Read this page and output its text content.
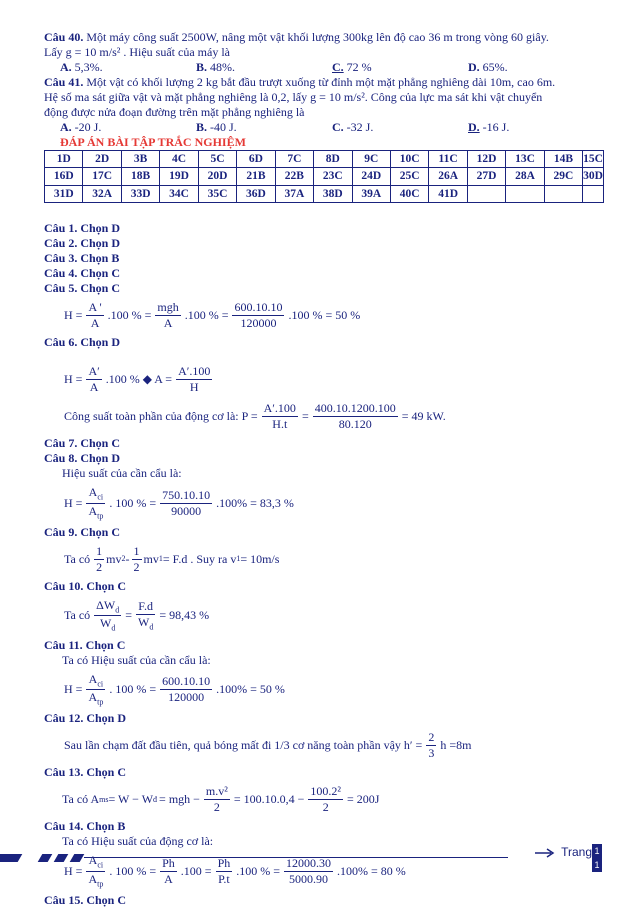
Câu 40. Một máy công suất 2500W, nâng một vật khối lượng 300kg lên độ cao 36 m trong vòng 60 giây.

Lấy g = 10 m/s² . Hiệu suất của máy là

A. 5,3%.	B. 48%.	C. 72 %	D. 65%.

Câu 41. Một vật có khối lượng 2 kg bắt đầu trượt xuống từ đỉnh một mặt phẳng nghiêng dài 10m, cao 6m.

Hệ số ma sát giữa vật và mặt phẳng nghiêng là 0,2, lấy g = 10 m/s². Công của lực ma sát khi vật chuyển

động được nửa đoạn đường trên mặt phẳng nghiêng là

A. -20 J.	B. -40 J.	C. -32 J.	D. -16 J.

ĐÁP ÁN BÀI TẬP TRẮC NGHIỆM

1D	2D	3B	4C	5C	6D	7C	8D	9C	10C	11C	12D	13C	14B	15C
16D	17C	18B	19D	20D	21B	22B	23C	24D	25C	26A	27D	28A	29C	30D
31D	32A	33D	34C	35C	36D	37A	38D	39A	40C	41D				

Câu 1. Chọn D

Câu 2. Chọn D

Câu 3. Chọn B

Câu 4. Chọn C

Câu 5. Chọn C

$H = \frac{A '}{A} .100$ % = $\frac{\text{mgh}}{A} .100$ % = $\frac{600.10.10}{120000} .100$ % = 50 %

Câu 6. Chọn D

$H = \frac{A'}{A} .100$ % ◆ $A = \frac{A'.100}{H}$
Công suất toàn phần của động cơ là: $P = \frac{A'.100}{H.t} = \frac{400.10.1200.100}{80.120} = 49$ kW.

Câu 7. Chọn C

Câu 8. Chọn D

Hiệu suất của cần cẩu là:

$H = \frac{A_{ci}}{A_{tp}}$ . 100 % = $\frac{750.10.10}{90000} .100\% = 83,3$ %

Câu 9. Chọn C

Ta có $\frac{1}{2}$ mv $2 - \frac{1}{2}$ mv 1 = F.d . Suy ra v 1 = 10m/s

Câu 10. Chọn C

Ta có $\frac{\Delta W_d}{W_d} = \frac{F.d}{W_d} = 98,43$ %

Câu 11. Chọn C

Ta có Hiệu suất của cần cẩu là:

$H = \frac{A_{ci}}{A_{tp}}$ . 100 % = $\frac{600.10.10}{120000} .100\% = 50$ %

Câu 12. Chọn D

Sau lần chạm đất đầu tiên, quả bóng mất đi 1/3 cơ năng toàn phần vậy $h' = \frac{2}{3}$ h =8m

Câu 13. Chọn C

Ta có A ms = W − W đ = mgh − $\frac{\text{m.v²}}{2} = 100.10.0,4 - \frac{\text{100.2²}}{2} = 200J$

Câu 14. Chọn B

Ta có Hiệu suất của động cơ là:

$H = \frac{A_{ci}}{A_{tp}}$ . 100 % = $\frac{Ph}{A} .100 = \frac{Ph}{P.t} .100$ % = $\frac{12000.30}{5000.90} .100\% = 80$ %

Câu 15. Chọn C

Trang 1
1
